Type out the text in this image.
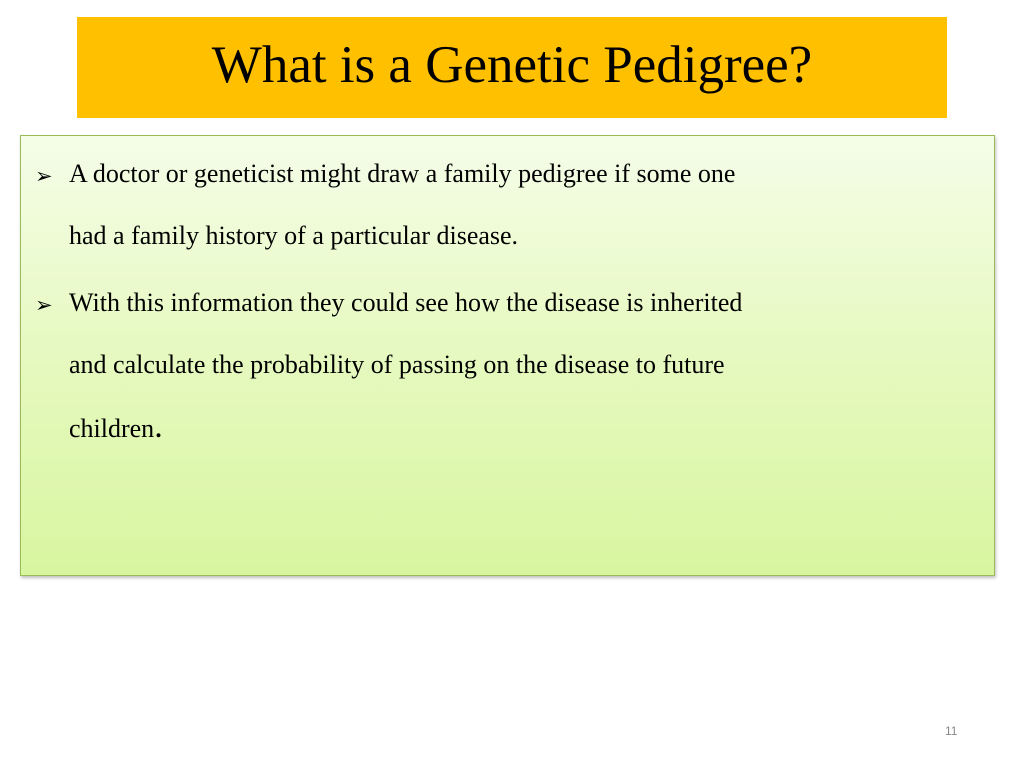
What is a Genetic Pedigree?
➢ A doctor or geneticist might draw a family pedigree if some one
had a family history of a particular disease.
➢ With this information they could see how the disease is inherited
and calculate the probability of passing on the disease to future
children.
11
